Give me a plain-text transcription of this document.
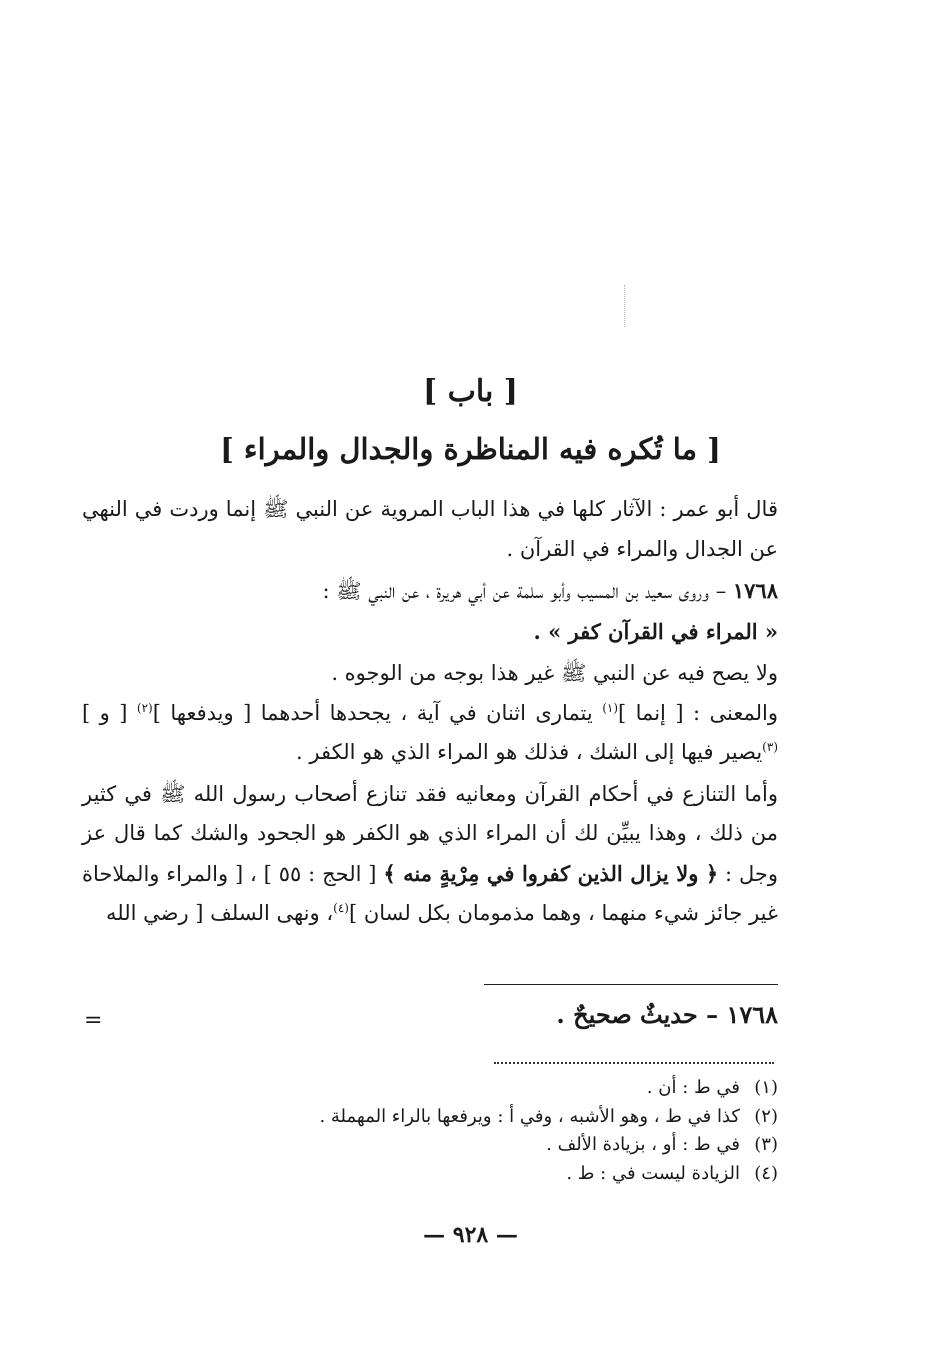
[ باب ]
[ ما تُكره فيه المناظرة والجدال والمراء ]

قال أبو عمر : الآثار كلها في هذا الباب المروية عن النبي ﷺ إنما وردت في النهي عن الجدال والمراء في القرآن .

١٧٦٨ – وروى سعيد بن المسيب وأبو سلمة عن أبي هريرة ، عن النبي ﷺ :
« المراء في القرآن كفر » .

ولا يصح فيه عن النبي ﷺ غير هذا بوجه من الوجوه .

والمعنى : [ إنما ]$^{(١)}$ يتمارى اثنان في آية ، يجحدها أحدهما [ ويدفعها ]$^{(٢)}$ [ و ]$^{(٣)}$يصير فيها إلى الشك ، فذلك هو المراء الذي هو الكفر .

وأما التنازع في أحكام القرآن ومعانيه فقد تنازع أصحاب رسول الله ﷺ في كثير من ذلك ، وهذا يبيِّن لك أن المراء الذي هو الكفر هو الجحود والشك كما قال عز وجل : ﴿ ولا يزال الذين كفروا في مِرْيةٍ منه ﴾ [ الحج : ٥٥ ] ، [ والمراء والملاحاة غير جائز شيء منهما ، وهما مذمومان بكل لسان ]$^{(٤)}$، ونهى السلف [ رضي الله

١٧٦٨ – حديثٌ صحيحٌ .
=
(١)في ط : أن .
(٢)كذا في ط ، وهو الأشبه ، وفي أ : ويرفعها بالراء المهملة .
(٣)في ط : أو ، بزيادة الألف .
(٤)الزيادة ليست في : ط .
— ٩٢٨ —
